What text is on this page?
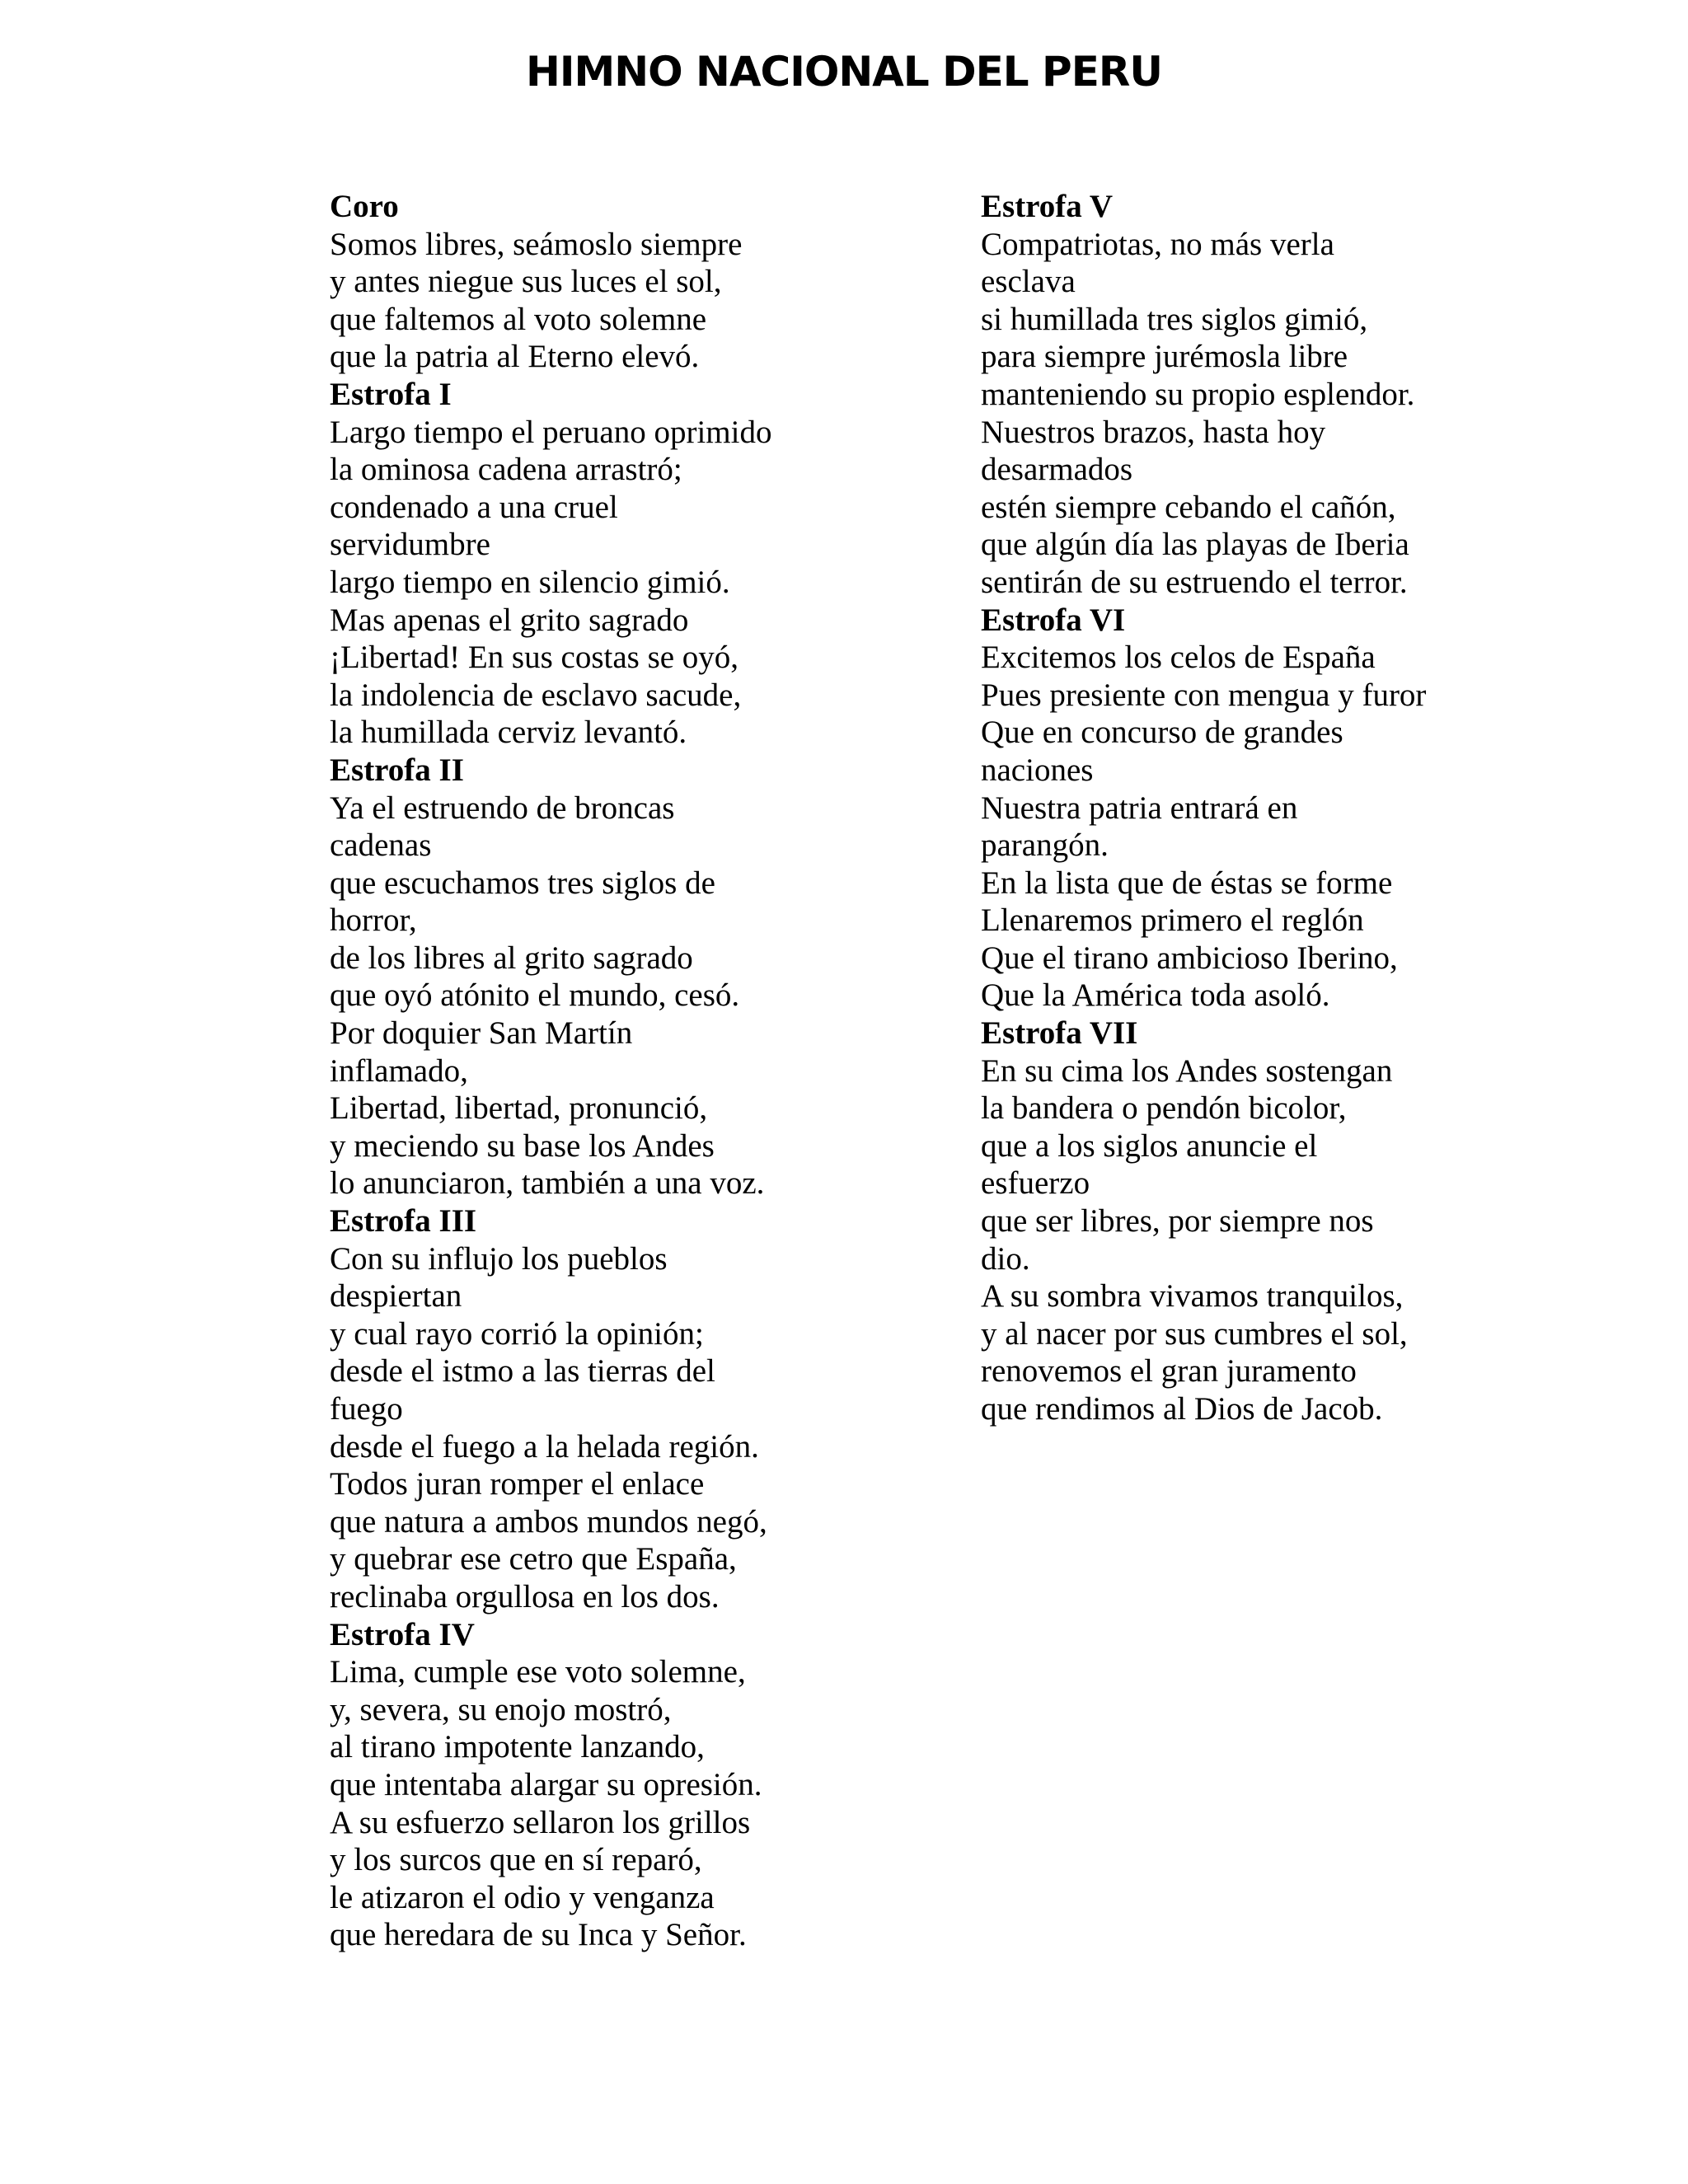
HIMNO NACIONAL DEL PERU
Coro
Somos libres, seámoslo siempre
y antes niegue sus luces el sol,
que faltemos al voto solemne
que la patria al Eterno elevó.
Estrofa I
Largo tiempo el peruano oprimido
la ominosa cadena arrastró;
condenado a una cruel
servidumbre
largo tiempo en silencio gimió.
Mas apenas el grito sagrado
¡Libertad! En sus costas se oyó,
la indolencia de esclavo sacude,
la humillada cerviz levantó.
Estrofa II
Ya el estruendo de broncas
cadenas
que escuchamos tres siglos de
horror,
de los libres al grito sagrado
que oyó atónito el mundo, cesó.
Por doquier San Martín
inflamado,
Libertad, libertad, pronunció,
y meciendo su base los Andes
lo anunciaron, también a una voz.
Estrofa III
Con su influjo los pueblos
despiertan
y cual rayo corrió la opinión;
desde el istmo a las tierras del
fuego
desde el fuego a la helada región.
Todos juran romper el enlace
que natura a ambos mundos negó,
y quebrar ese cetro que España,
reclinaba orgullosa en los dos.
Estrofa IV
Lima, cumple ese voto solemne,
y, severa, su enojo mostró,
al tirano impotente lanzando,
que intentaba alargar su opresión.
A su esfuerzo sellaron los grillos
y los surcos que en sí reparó,
le atizaron el odio y venganza
que heredara de su Inca y Señor.
Estrofa V
Compatriotas, no más verla
esclava
si humillada tres siglos gimió,
para siempre jurémosla libre
manteniendo su propio esplendor.
Nuestros brazos, hasta hoy
desarmados
estén siempre cebando el cañón,
que algún día las playas de Iberia
sentirán de su estruendo el terror.
Estrofa VI
Excitemos los celos de España
Pues presiente con mengua y furor
Que en concurso de grandes
naciones
Nuestra patria entrará en
parangón.
En la lista que de éstas se forme
Llenaremos primero el reglón
Que el tirano ambicioso Iberino,
Que la América toda asoló.
Estrofa VII
En su cima los Andes sostengan
la bandera o pendón bicolor,
que a los siglos anuncie el
esfuerzo
que ser libres, por siempre nos
dio.
A su sombra vivamos tranquilos,
y al nacer por sus cumbres el sol,
renovemos el gran juramento
que rendimos al Dios de Jacob.
